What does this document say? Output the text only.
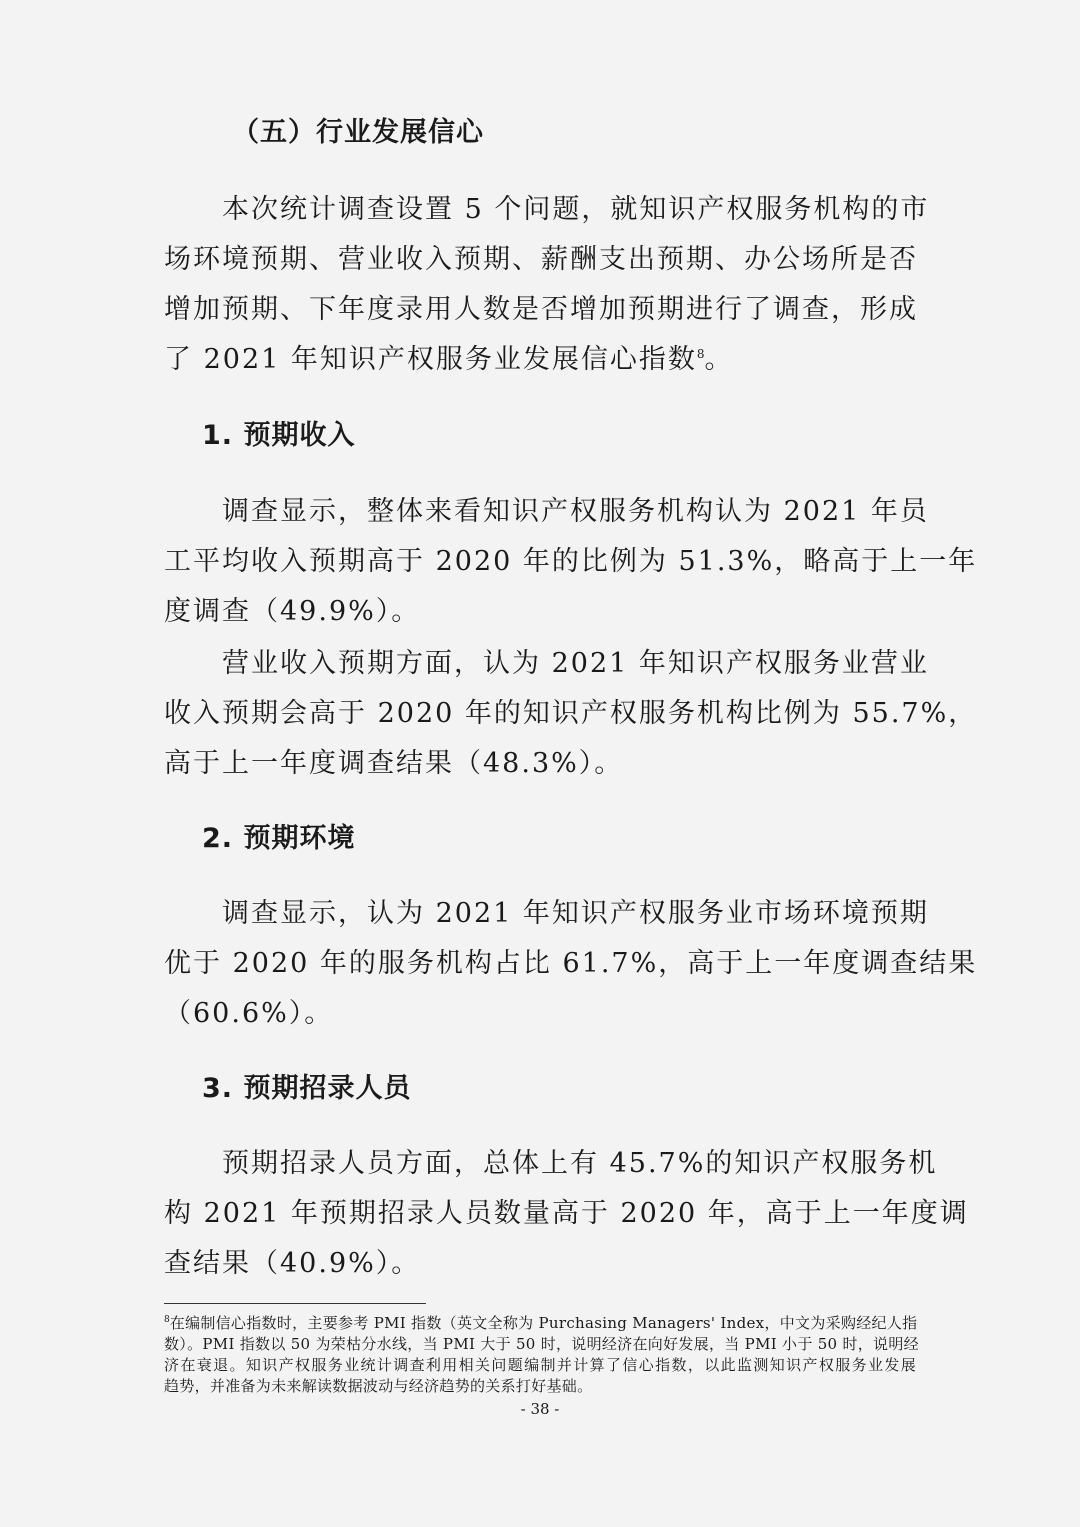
（五）行业发展信心
本次统计调查设置 5 个问题，就知识产权服务机构的市
场环境预期、营业收入预期、薪酬支出预期、办公场所是否
增加预期、下年度录用人数是否增加预期进行了调查，形成
了 2021 年知识产权服务业发展信心指数$^8$。
1. 预期收入
调查显示，整体来看知识产权服务机构认为 2021 年员
工平均收入预期高于 2020 年的比例为 51.3%，略高于上一年
度调查（49.9%）。
营业收入预期方面，认为 2021 年知识产权服务业营业
收入预期会高于 2020 年的知识产权服务机构比例为 55.7%，
高于上一年度调查结果（48.3%）。
2. 预期环境
调查显示，认为 2021 年知识产权服务业市场环境预期
优于 2020 年的服务机构占比 61.7%，高于上一年度调查结果
（60.6%）。
3. 预期招录人员
预期招录人员方面，总体上有 45.7%的知识产权服务机
构 2021 年预期招录人员数量高于 2020 年，高于上一年度调
查结果（40.9%）。
$^8$在编制信心指数时，主要参考 PMI 指数（英文全称为 Purchasing Managers' Index，中文为采购经纪人指
数）。PMI 指数以 50 为荣枯分水线，当 PMI 大于 50 时，说明经济在向好发展，当 PMI 小于 50 时，说明经
济在衰退。知识产权服务业统计调查利用相关问题编制并计算了信心指数，以此监测知识产权服务业发展
趋势，并准备为未来解读数据波动与经济趋势的关系打好基础。
- 38 -
